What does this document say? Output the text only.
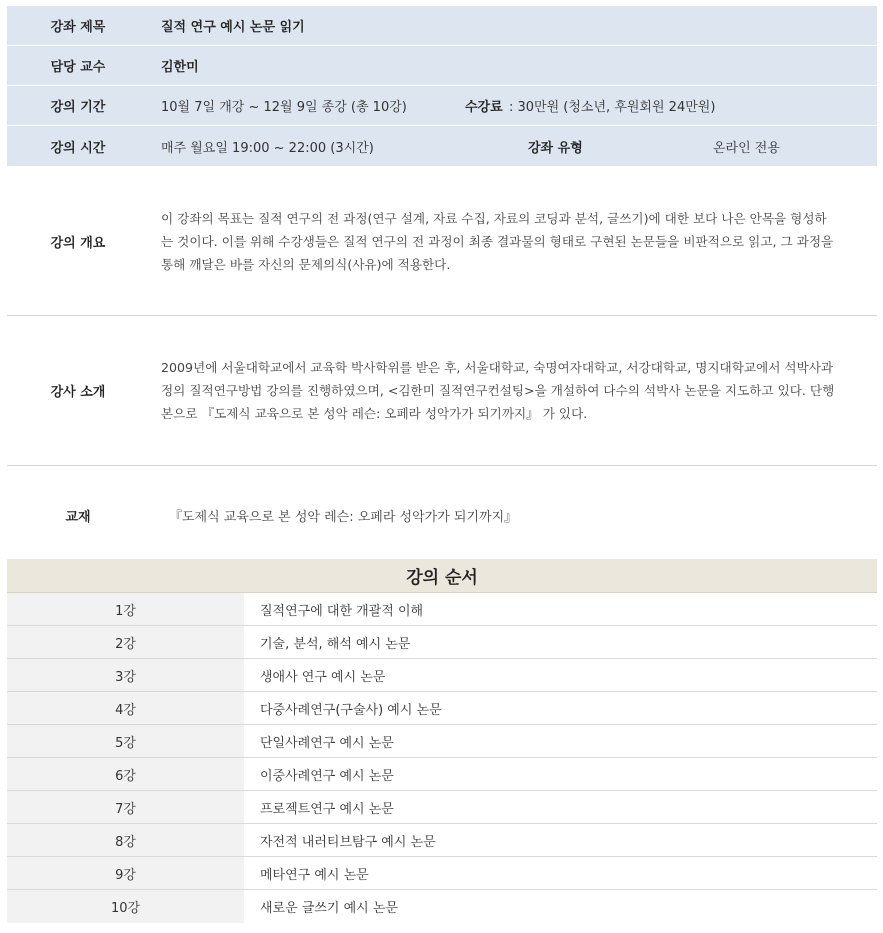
강좌 제목	질적 연구 예시 논문 읽기
담당 교수	김한미
강의 기간	10월 7일 개강 ~ 12월 9일 종강 (총 10강)	수강료 : 30만원 (청소년, 후원회원 24만원)
강의 시간	매주 월요일 19:00 ~ 22:00 (3시간)	강좌 유형	온라인 전용
강의 개요
이 강좌의 목표는 질적 연구의 전 과정(연구 설계, 자료 수집, 자료의 코딩과 분석, 글쓰기)에 대한 보다 나은 안목을 형성하
는 것이다. 이를 위해 수강생들은 질적 연구의 전 과정이 최종 결과물의 형태로 구현된 논문들을 비판적으로 읽고, 그 과정을
통해 깨달은 바를 자신의 문제의식(사유)에 적용한다.
강사 소개
2009년에 서울대학교에서 교육학 박사학위를 받은 후, 서울대학교, 숙명여자대학교, 서강대학교, 명지대학교에서 석박사과
정의 질적연구방법 강의를 진행하였으며, <김한미 질적연구컨설팅>을 개설하여 다수의 석박사 논문을 지도하고 있다. 단행
본으로 『도제식 교육으로 본 성악 레슨: 오페라 성악가가 되기까지』 가 있다.
교재	『도제식 교육으로 본 성악 레슨: 오페라 성악가가 되기까지』
강의 순서
1강	질적연구에 대한 개괄적 이해
2강	기술, 분석, 해석 예시 논문
3강	생애사 연구 예시 논문
4강	다중사례연구(구술사) 예시 논문
5강	단일사례연구 예시 논문
6강	이중사례연구 예시 논문
7강	프로젝트연구 예시 논문
8강	자전적 내러티브탐구 예시 논문
9강	메타연구 예시 논문
10강	새로운 글쓰기 예시 논문
